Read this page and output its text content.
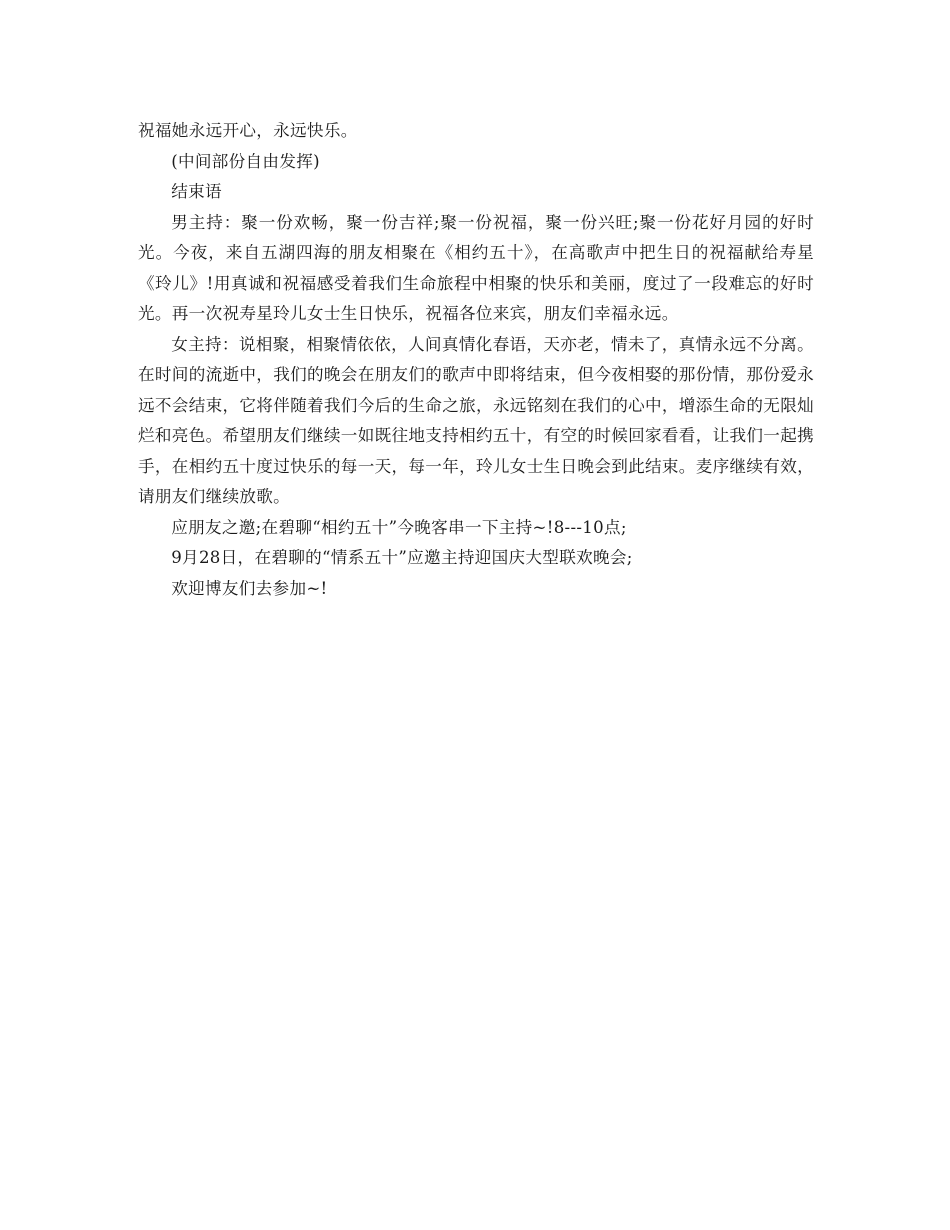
祝福她永远开心，永远快乐。

(中间部份自由发挥)

结束语

男主持：聚一份欢畅，聚一份吉祥;聚一份祝福，聚一份兴旺;聚一份花好月园的好时光。今夜，来自五湖四海的朋友相聚在《相约五十》，在高歌声中把生日的祝福献给寿星《玲儿》!用真诚和祝福感受着我们生命旅程中相聚的快乐和美丽，度过了一段难忘的好时光。再一次祝寿星玲儿女士生日快乐，祝福各位来宾，朋友们幸福永远。

女主持：说相聚，相聚情依依，人间真情化春语，天亦老，情未了，真情永远不分离。在时间的流逝中，我们的晚会在朋友们的歌声中即将结束，但今夜相娶的那份情，那份爱永远不会结束，它将伴随着我们今后的生命之旅，永远铭刻在我们的心中，增添生命的无限灿烂和亮色。希望朋友们继续一如既往地支持相约五十，有空的时候回家看看，让我们一起携手，在相约五十度过快乐的每一天，每一年，玲儿女士生日晚会到此结束。麦序继续有效，请朋友们继续放歌。

应朋友之邀;在碧聊“相约五十”今晚客串一下主持~!8---10点;

9月28日，在碧聊的“情系五十”应邀主持迎国庆大型联欢晚会;

欢迎博友们去参加~!
